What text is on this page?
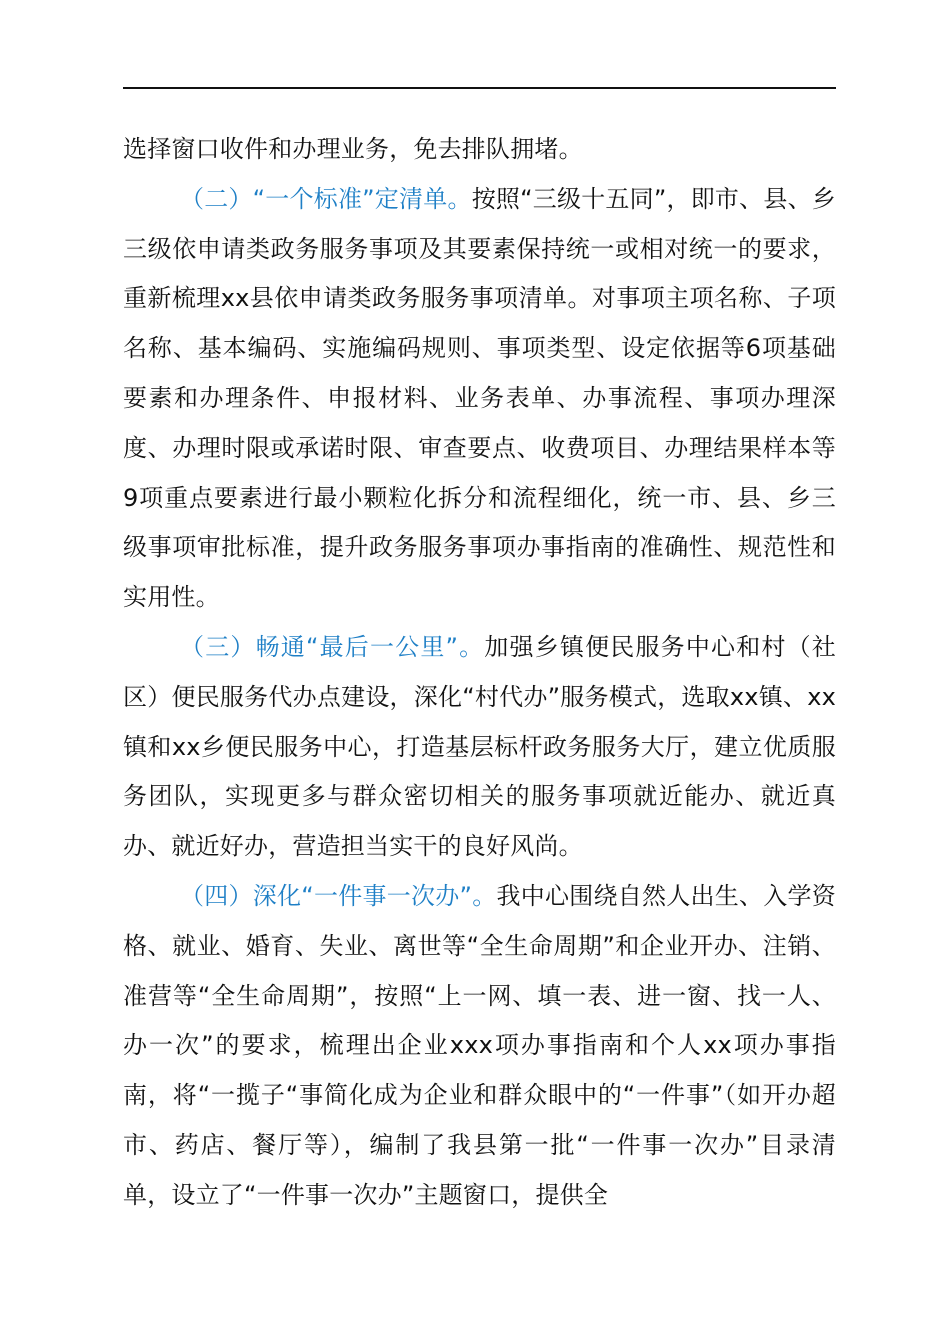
选择窗口收件和办理业务，免去排队拥堵。

（二）“一个标准”定清单。按照“三级十五同”，即市、县、乡三级依申请类政务服务事项及其要素保持统一或相对统一的要求，重新梳理xx县依申请类政务服务事项清单。对事项主项名称、子项名称、基本编码、实施编码规则、事项类型、设定依据等6项基础要素和办理条件、申报材料、业务表单、办事流程、事项办理深度、办理时限或承诺时限、审查要点、收费项目、办理结果样本等9项重点要素进行最小颗粒化拆分和流程细化，统一市、县、乡三级事项审批标准，提升政务服务事项办事指南的准确性、规范性和实用性。

（三）畅通“最后一公里”。加强乡镇便民服务中心和村（社区）便民服务代办点建设，深化“村代办”服务模式，选取xx镇、xx镇和xx乡便民服务中心，打造基层标杆政务服务大厅，建立优质服务团队，实现更多与群众密切相关的服务事项就近能办、就近真办、就近好办，营造担当实干的良好风尚。

（四）深化“一件事一次办”。我中心围绕自然人出生、入学资格、就业、婚育、失业、离世等“全生命周期”和企业开办、注销、准营等“全生命周期”，按照“上一网、填一表、进一窗、找一人、办一次”的要求，梳理出企业xxx项办事指南和个人xx项办事指南，将“一揽子“事简化成为企业和群众眼中的“一件事”（如开办超市、药店、餐厅等），编制了我县第一批“一件事一次办”目录清单，设立了“一件事一次办”主题窗口，提供全
